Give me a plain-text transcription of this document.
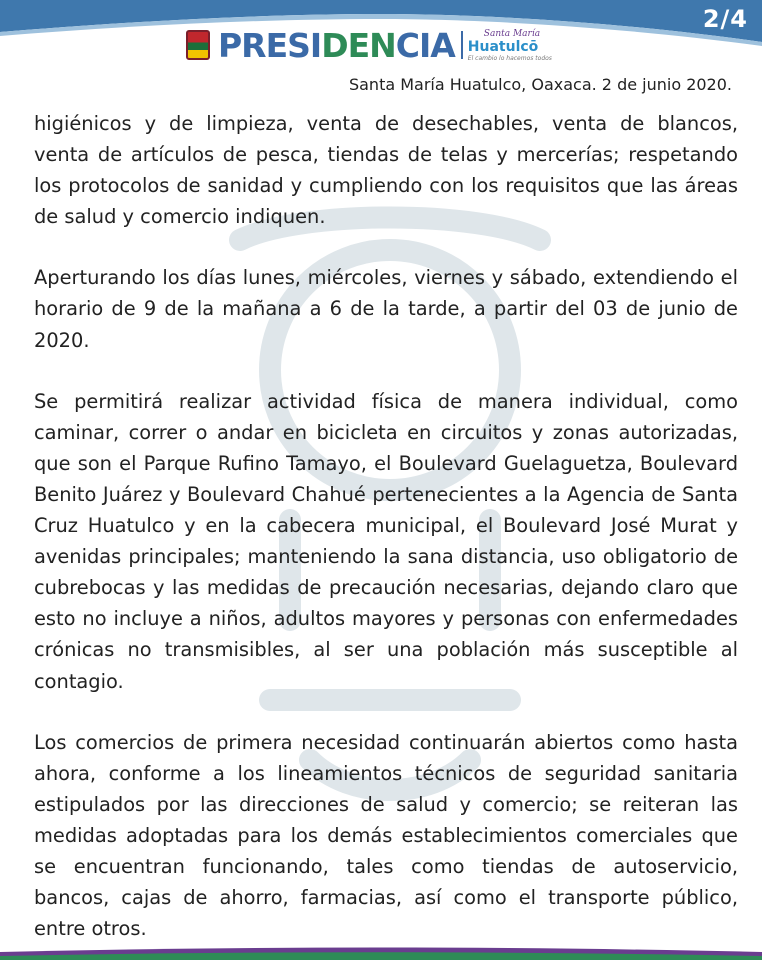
2/4
PRESIDENCIA	Santa María
Huatulcō
El cambio lo hacemos todos
Santa María Huatulco, Oaxaca. 2 de junio 2020.

higiénicos y de limpieza, venta de desechables, venta de blancos, venta de artículos de pesca, tiendas de telas y mercerías; respetando los protocolos de sanidad y cumpliendo con los requisitos que las áreas de salud y comercio indiquen.

Aperturando los días lunes, miércoles, viernes y sábado, extendiendo el horario de 9 de la mañana a 6 de la tarde, a partir del 03 de junio de 2020.

Se permitirá realizar actividad física de manera individual, como caminar, correr o andar en bicicleta en circuitos y zonas autorizadas, que son el Parque Rufino Tamayo, el Boulevard Guelaguetza, Boulevard Benito Juárez y Boulevard Chahué pertenecientes a la Agencia de Santa Cruz Huatulco y en la cabecera municipal, el Boulevard José Murat y avenidas principales; manteniendo la sana distancia, uso obligatorio de cubrebocas y las medidas de precaución necesarias, dejando claro que esto no incluye a niños, adultos mayores y personas con enfermedades crónicas no transmisibles, al ser una población más susceptible al contagio.

Los comercios de primera necesidad continuarán abiertos como hasta ahora, conforme a los lineamientos técnicos de seguridad sanitaria estipulados por las direcciones de salud y comercio; se reiteran las medidas adoptadas para los demás establecimientos comerciales que se encuentran funcionando, tales como tiendas de autoservicio, bancos, cajas de ahorro, farmacias, así como el transporte público, entre otros.
